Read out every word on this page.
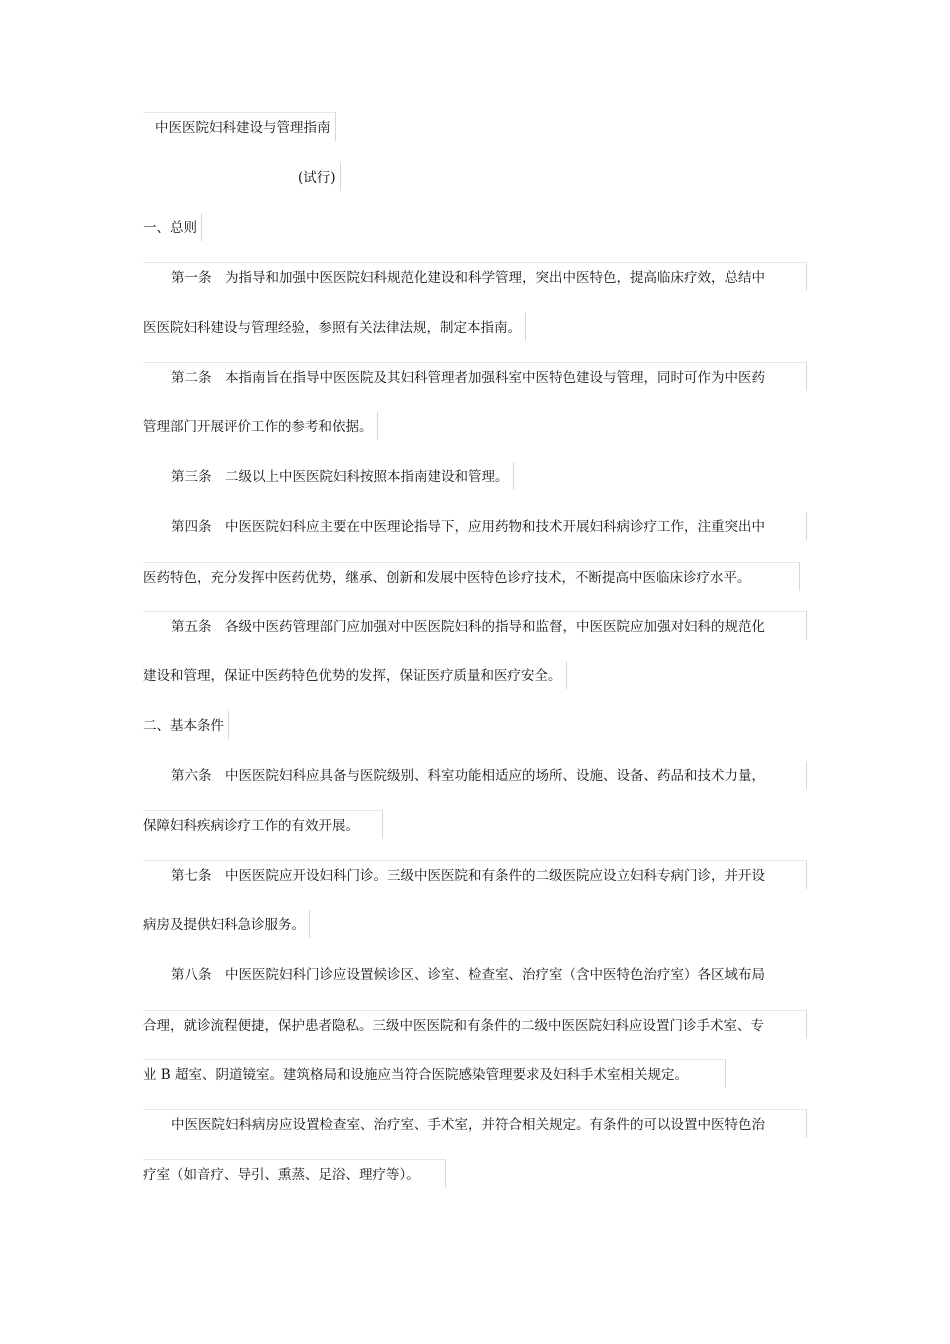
中医医院妇科建设与管理指南
(试行)
一、总则
第一条　为指导和加强中医医院妇科规范化建设和科学管理，突出中医特色，提高临床疗效，总结中
医医院妇科建设与管理经验，参照有关法律法规，制定本指南。
第二条　本指南旨在指导中医医院及其妇科管理者加强科室中医特色建设与管理，同时可作为中医药
管理部门开展评价工作的参考和依据。
第三条　二级以上中医医院妇科按照本指南建设和管理。
第四条　中医医院妇科应主要在中医理论指导下，应用药物和技术开展妇科病诊疗工作，注重突出中
医药特色，充分发挥中医药优势，继承、创新和发展中医特色诊疗技术，不断提高中医临床诊疗水平。
第五条　各级中医药管理部门应加强对中医医院妇科的指导和监督，中医医院应加强对妇科的规范化
建设和管理，保证中医药特色优势的发挥，保证医疗质量和医疗安全。
二、基本条件
第六条　中医医院妇科应具备与医院级别、科室功能相适应的场所、设施、设备、药品和技术力量，
保障妇科疾病诊疗工作的有效开展。
第七条　中医医院应开设妇科门诊。三级中医医院和有条件的二级医院应设立妇科专病门诊，并开设
病房及提供妇科急诊服务。
第八条　中医医院妇科门诊应设置候诊区、诊室、检查室、治疗室（含中医特色治疗室）各区域布局
合理，就诊流程便捷，保护患者隐私。三级中医医院和有条件的二级中医医院妇科应设置门诊手术室、专
业 B 超室、阴道镜室。建筑格局和设施应当符合医院感染管理要求及妇科手术室相关规定。
中医医院妇科病房应设置检查室、治疗室、手术室，并符合相关规定。有条件的可以设置中医特色治
疗室（如音疗、导引、熏蒸、足浴、理疗等）。
